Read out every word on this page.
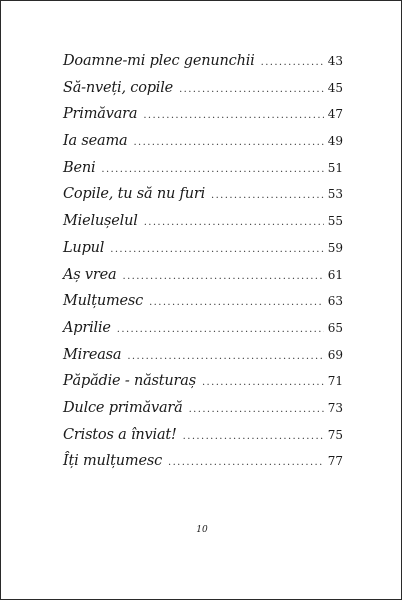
Doamne-mi plec genunchii .....	43
Să-nveți, copile .....	45
Primăvara .....	47
Ia seama .....	49
Beni .....	51
Copile, tu să nu furi .....	53
Mielușelul .....	55
Lupul .....	59
Aș vrea .....	61
Mulțumesc .....	63
Aprilie .....	65
Mireasa .....	69
Păpădie - năsturaș .....	71
Dulce primăvară .....	73
Cristos a înviat! .....	75
Îți mulțumesc .....	77
10
